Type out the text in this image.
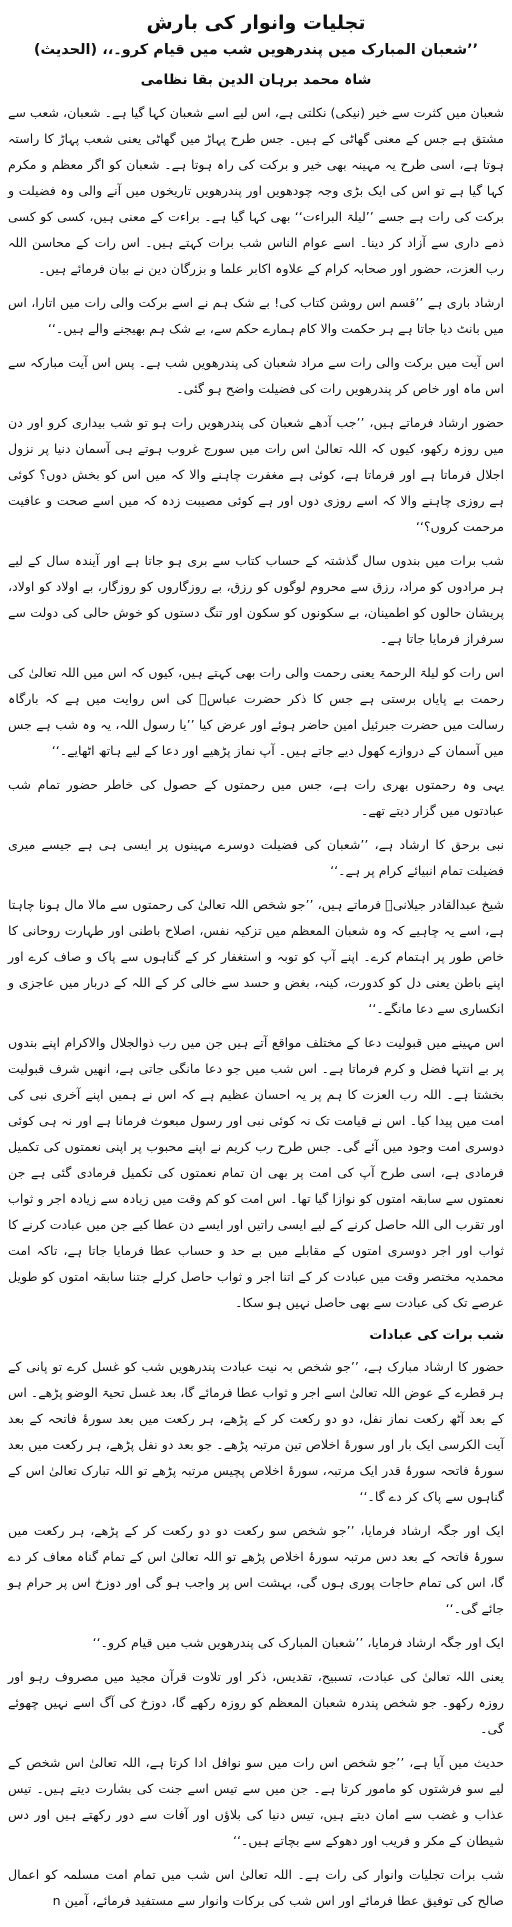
تجلیات وانوار کی بارش
’’شعبان المبارک میں پندرھویں شب میں قیام کرو۔،، (الحدیث)
شاہ محمد برہان الدین بقا نظامی

شعبان میں کثرت سے خیر (نیکی) نکلتی ہے، اس لیے اسے شعبان کہا گیا ہے۔ شعبان، شعب سے مشتق ہے جس کے معنی گھاٹی کے ہیں۔ جس طرح پہاڑ میں گھاٹی یعنی شعب پہاڑ کا راستہ ہوتا ہے، اسی طرح یہ مہینہ بھی خیر و برکت کی راہ ہوتا ہے۔ شعبان کو اگر معظم و مکرم کہا گیا ہے تو اس کی ایک بڑی وجہ چودھویں اور پندرھویں تاریخوں میں آنے والی وہ فضیلت و برکت کی رات ہے جسے ’’لیلۃ البراءت‘‘ بھی کہا گیا ہے۔ براءت کے معنی ہیں، کسی کو کسی ذمے داری سے آزاد کر دینا۔ اسے عوام الناس شب برات کہتے ہیں۔ اس رات کے محاسن اللہ رب العزت، حضور اور صحابہ کرام کے علاوہ اکابر علما و بزرگان دین نے بیان فرمائے ہیں۔

ارشاد باری ہے ’’قسم اس روشن کتاب کی! بے شک ہم نے اسے برکت والی رات میں اتارا، اس میں بانٹ دیا جاتا ہے ہر حکمت والا کام ہمارے حکم سے، بے شک ہم بھیجنے والے ہیں۔‘‘

اس آیت میں برکت والی رات سے مراد شعبان کی پندرھویں شب ہے۔ پس اس آیت مبارکہ سے اس ماہ اور خاص کر پندرھویں رات کی فضیلت واضح ہو گئی۔

حضور ارشاد فرماتے ہیں، ’’جب آدھے شعبان کی پندرھویں رات ہو تو شب بیداری کرو اور دن میں روزہ رکھو، کیوں کہ اللہ تعالیٰ اس رات میں سورج غروب ہوتے ہی آسمان دنیا پر نزول اجلال فرماتا ہے اور فرماتا ہے، کوئی ہے مغفرت چاہنے والا کہ میں اس کو بخش دوں؟ کوئی ہے روزی چاہنے والا کہ اسے روزی دوں اور ہے کوئی مصیبت زدہ کہ میں اسے صحت و عافیت مرحمت کروں؟‘‘

شب برات میں بندوں سال گذشتہ کے حساب کتاب سے بری ہو جاتا ہے اور آیندہ سال کے لیے ہر مرادوں کو مراد، رزق سے محروم لوگوں کو رزق، بے روزگاروں کو روزگار، بے اولاد کو اولاد، پریشان حالوں کو اطمینان، بے سکونوں کو سکون اور تنگ دستوں کو خوش حالی کی دولت سے سرفراز فرمایا جاتا ہے۔

اس رات کو لیلۃ الرحمۃ یعنی رحمت والی رات بھی کہتے ہیں، کیوں کہ اس میں اللہ تعالیٰ کی رحمت بے پایاں برستی ہے جس کا ذکر حضرت عباسؓ کی اس روایت میں ہے کہ بارگاہ رسالت میں حضرت جبرئیل امین حاضر ہوئے اور عرض کیا ’’یا رسول اللہ، یہ وہ شب ہے جس میں آسمان کے دروازے کھول دیے جاتے ہیں۔ آپ نماز پڑھیے اور دعا کے لیے ہاتھ اٹھایے۔‘‘

یہی وہ رحمتوں بھری رات ہے، جس میں رحمتوں کے حصول کی خاطر حضور تمام شب عبادتوں میں گزار دیتے تھے۔

نبی برحق کا ارشاد ہے، ’’شعبان کی فضیلت دوسرے مہینوں پر ایسی ہی ہے جیسے میری فضیلت تمام انبیائے کرام پر ہے۔‘‘

شیخ عبدالقادر جیلانیؒ فرماتے ہیں، ’’جو شخص اللہ تعالیٰ کی رحمتوں سے مالا مال ہونا چاہتا ہے، اسے یہ چاہیے کہ وہ شعبان المعظم میں تزکیہ نفس، اصلاح باطنی اور طہارت روحانی کا خاص طور پر اہتمام کرے۔ اپنے آپ کو توبہ و استغفار کر کے گناہوں سے پاک و صاف کرے اور اپنے باطن یعنی دل کو کدورت، کینہ، بغض و حسد سے خالی کر کے اللہ کے دربار میں عاجزی و انکساری سے دعا مانگے۔‘‘

اس مہینے میں قبولیت دعا کے مختلف مواقع آتے ہیں جن میں رب ذوالجلال والاکرام اپنے بندوں پر بے انتہا فضل و کرم فرماتا ہے۔ اس شب میں جو دعا مانگی جاتی ہے، انھیں شرف قبولیت بخشتا ہے۔ اللہ رب العزت کا ہم پر یہ احسان عظیم ہے کہ اس نے ہمیں اپنے آخری نبی کی امت میں پیدا کیا۔ اس نے قیامت تک نہ کوئی نبی اور رسول مبعوث فرمانا ہے اور نہ ہی کوئی دوسری امت وجود میں آئے گی۔ جس طرح رب کریم نے اپنے محبوب پر اپنی نعمتوں کی تکمیل فرمادی ہے، اسی طرح آپ کی امت پر بھی ان تمام نعمتوں کی تکمیل فرمادی گئی ہے جن نعمتوں سے سابقہ امتوں کو نوازا گیا تھا۔ اس امت کو کم وقت میں زیادہ سے زیادہ اجر و ثواب اور تقرب الی اللہ حاصل کرنے کے لیے ایسی راتیں اور ایسے دن عطا کیے جن میں عبادت کرنے کا ثواب اور اجر دوسری امتوں کے مقابلے میں بے حد و حساب عطا فرمایا جاتا ہے، تاکہ امت محمدیہ مختصر وقت میں عبادت کر کے اتنا اجر و ثواب حاصل کرلے جتنا سابقہ امتوں کو طویل عرصے تک کی عبادت سے بھی حاصل نہیں ہو سکا۔

شب برات کی عبادات

حضور کا ارشاد مبارک ہے، ’’جو شخص بہ نیت عبادت پندرھویں شب کو غسل کرے تو پانی کے ہر قطرے کے عوض اللہ تعالیٰ اسے اجر و ثواب عطا فرمائے گا، بعد غسل تحیۃ الوضو پڑھے۔ اس کے بعد آٹھ رکعت نماز نفل، دو دو رکعت کر کے پڑھے، ہر رکعت میں بعد سورۂ فاتحہ کے بعد آیت الکرسی ایک بار اور سورۂ اخلاص تین مرتبہ پڑھے۔ جو بعد دو نفل پڑھے، ہر رکعت میں بعد سورۂ فاتحہ سورۂ قدر ایک مرتبہ، سورۂ اخلاص پچیس مرتبہ پڑھے تو اللہ تبارک تعالیٰ اس کے گناہوں سے پاک کر دے گا۔‘‘

ایک اور جگہ ارشاد فرمایا، ’’جو شخص سو رکعت دو دو رکعت کر کے پڑھے، ہر رکعت میں سورۂ فاتحہ کے بعد دس مرتبہ سورۂ اخلاص پڑھے تو اللہ تعالیٰ اس کے تمام گناہ معاف کر دے گا، اس کی تمام حاجات پوری ہوں گی، بہشت اس پر واجب ہو گی اور دوزخ اس پر حرام ہو جائے گی۔‘‘

ایک اور جگہ ارشاد فرمایا، ’’شعبان المبارک کی پندرھویں شب میں قیام کرو۔‘‘

یعنی اللہ تعالیٰ کی عبادت، تسبیح، تقدیس، ذکر اور تلاوت قرآن مجید میں مصروف رہو اور روزہ رکھو۔ جو شخص پندرہ شعبان المعظم کو روزہ رکھے گا، دوزخ کی آگ اسے نہیں چھوئے گی۔

حدیث میں آیا ہے، ’’جو شخص اس رات میں سو نوافل ادا کرتا ہے، اللہ تعالیٰ اس شخص کے لیے سو فرشتوں کو مامور کرتا ہے۔ جن میں سے تیس اسے جنت کی بشارت دیتے ہیں۔ تیس عذاب و غضب سے امان دیتے ہیں، تیس دنیا کی بلاؤں اور آفات سے دور رکھتے ہیں اور دس شیطان کے مکر و فریب اور دھوکے سے بچاتے ہیں۔‘‘

شب برات تجلیات وانوار کی رات ہے۔ اللہ تعالیٰ اس شب میں تمام امت مسلمہ کو اعمال صالح کی توفیق عطا فرمائے اور اس شب کی برکات وانوار سے مستفید فرمائے، آمین n
